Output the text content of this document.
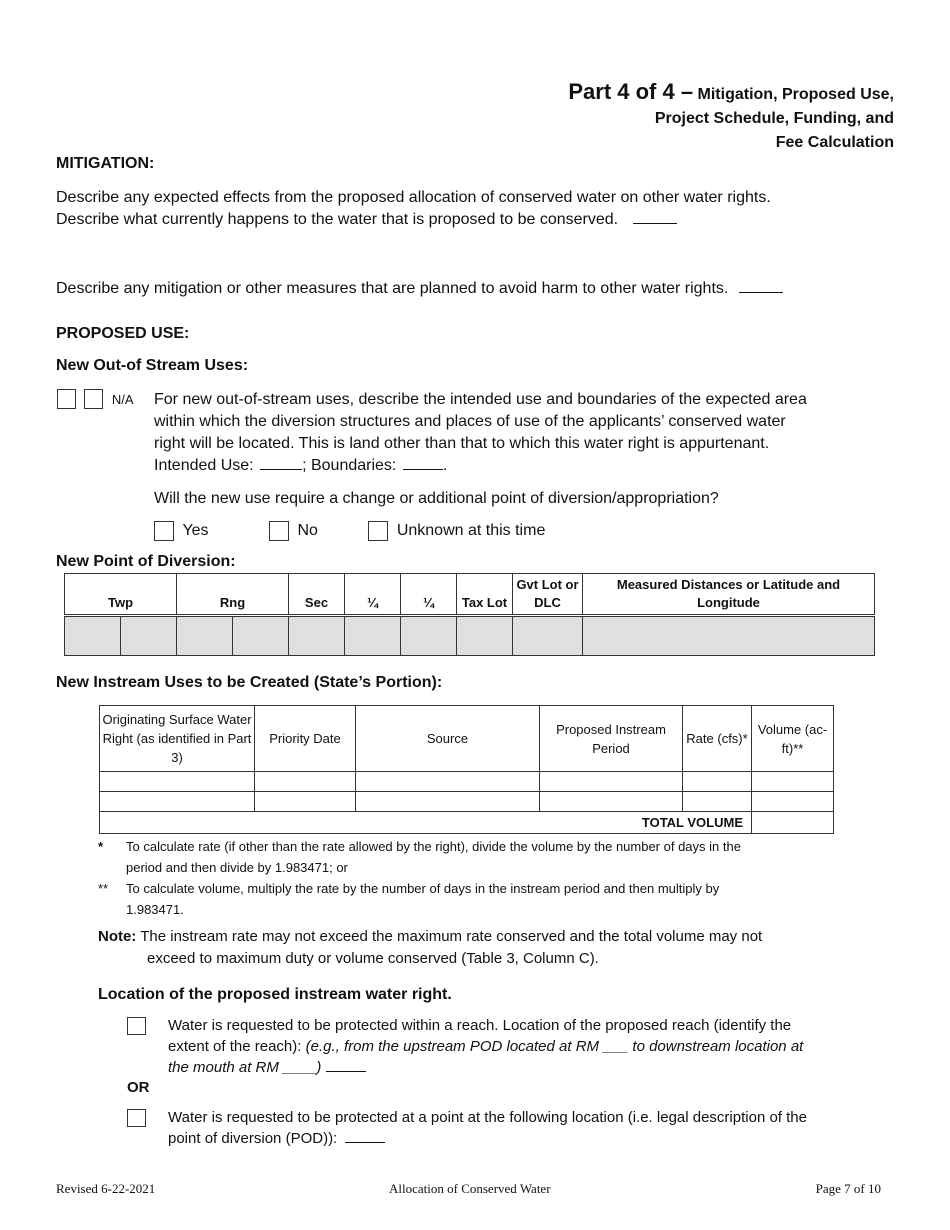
Part 4 of 4 – Mitigation, Proposed Use,
Project Schedule, Funding, and
Fee Calculation
MITIGATION:
Describe any expected effects from the proposed allocation of conserved water on other water rights.
Describe what currently happens to the water that is proposed to be conserved.
Describe any mitigation or other measures that are planned to avoid harm to other water rights.
PROPOSED USE:
New Out-of Stream Uses:
N/A For new out-of-stream uses, describe the intended use and boundaries of the expected area
within which the diversion structures and places of use of the applicants’ conserved water
right will be located. This is land other than that to which this water right is appurtenant.
Intended Use:	; Boundaries:	.
Will the new use require a change or additional point of diversion/appropriation?
Yes	No	Unknown at this time
New Point of Diversion:
Twp		Rng		Sec	¼	¼	Tax Lot	Gvt Lot or DLC	Measured Distances or Latitude and Longitude

New Instream Uses to be Created (State’s Portion):
Originating Surface Water Right (as identified in Part 3)	Priority Date	Source	Proposed Instream Period	Rate (cfs)*	Volume (ac-ft)**

TOTAL VOLUME					
* To calculate rate (if other than the rate allowed by the right), divide the volume by the number of days in the
period and then divide by 1.983471; or
** To calculate volume, multiply the rate by the number of days in the instream period and then multiply by
1.983471.
Note: The instream rate may not exceed the maximum rate conserved and the total volume may not
exceed to maximum duty or volume conserved (Table 3, Column C).
Location of the proposed instream water right.
Water is requested to be protected within a reach. Location of the proposed reach (identify the
extent of the reach): (e.g., from the upstream POD located at RM ___ to downstream location at
the mouth at RM ____)
OR
Water is requested to be protected at a point at the following location (i.e. legal description of the
point of diversion (POD)):
Revised 6-22-2021	Allocation of Conserved Water	Page 7 of 10
